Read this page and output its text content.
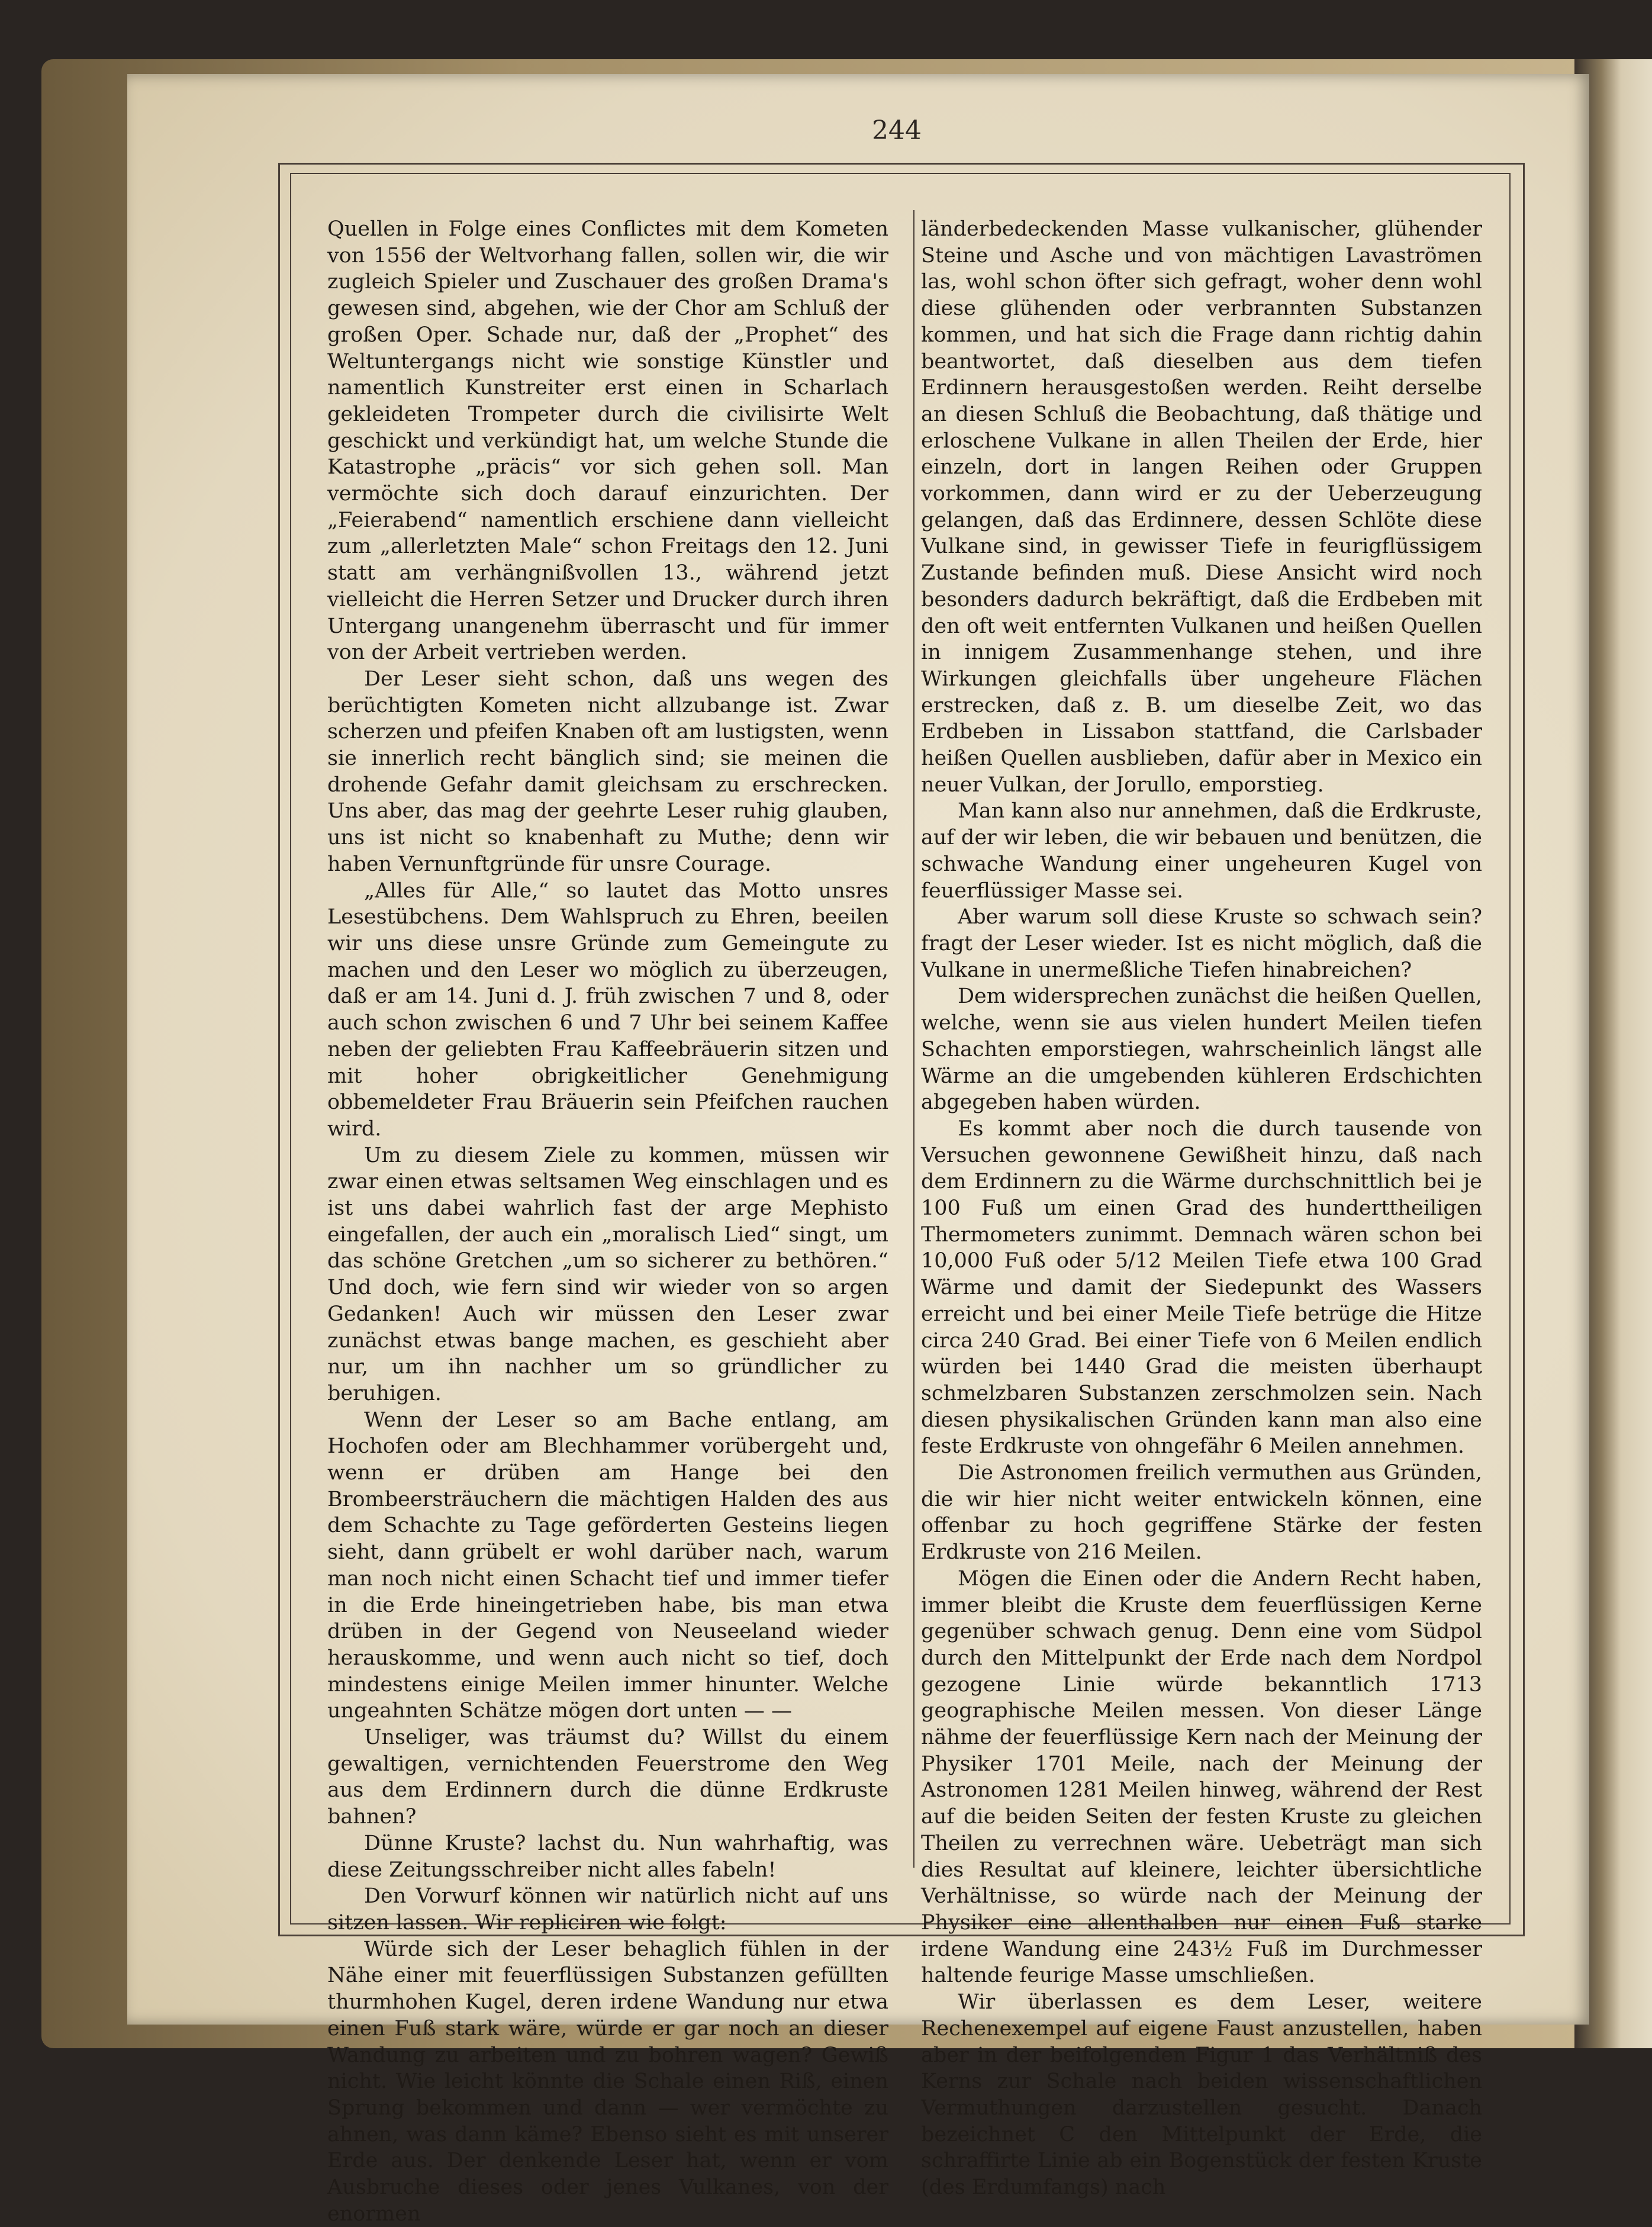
244

Quellen in Folge eines Conflictes mit dem Kometen von 1556 der Weltvorhang fallen, sollen wir, die wir zugleich Spieler und Zuschauer des großen Drama's gewesen sind, abgehen, wie der Chor am Schluß der großen Oper. Schade nur, daß der „Prophet“ des Weltuntergangs nicht wie sonstige Künstler und namentlich Kunstreiter erst einen in Scharlach gekleideten Trompeter durch die civilisirte Welt geschickt und verkündigt hat, um welche Stunde die Katastrophe „präcis“ vor sich gehen soll. Man vermöchte sich doch darauf einzurichten. Der „Feierabend“ namentlich erschiene dann vielleicht zum „allerletzten Male“ schon Freitags den 12. Juni statt am verhängnißvollen 13., während jetzt vielleicht die Herren Setzer und Drucker durch ihren Untergang unangenehm überrascht und für immer von der Arbeit vertrieben werden.

Der Leser sieht schon, daß uns wegen des berüchtigten Kometen nicht allzubange ist. Zwar scherzen und pfeifen Knaben oft am lustigsten, wenn sie innerlich recht bänglich sind; sie meinen die drohende Gefahr damit gleichsam zu erschrecken. Uns aber, das mag der geehrte Leser ruhig glauben, uns ist nicht so knabenhaft zu Muthe; denn wir haben Vernunftgründe für unsre Courage.

„Alles für Alle,“ so lautet das Motto unsres Lesestübchens. Dem Wahlspruch zu Ehren, beeilen wir uns diese unsre Gründe zum Gemeingute zu machen und den Leser wo möglich zu überzeugen, daß er am 14. Juni d. J. früh zwischen 7 und 8, oder auch schon zwischen 6 und 7 Uhr bei seinem Kaffee neben der geliebten Frau Kaffeebräuerin sitzen und mit hoher obrigkeitlicher Genehmigung obbemeldeter Frau Bräuerin sein Pfeifchen rauchen wird.

Um zu diesem Ziele zu kommen, müssen wir zwar einen etwas seltsamen Weg einschlagen und es ist uns dabei wahrlich fast der arge Mephisto eingefallen, der auch ein „moralisch Lied“ singt, um das schöne Gretchen „um so sicherer zu bethören.“ Und doch, wie fern sind wir wieder von so argen Gedanken! Auch wir müssen den Leser zwar zunächst etwas bange machen, es geschieht aber nur, um ihn nachher um so gründlicher zu beruhigen.

Wenn der Leser so am Bache entlang, am Hochofen oder am Blechhammer vorübergeht und, wenn er drüben am Hange bei den Brombeersträuchern die mächtigen Halden des aus dem Schachte zu Tage geförderten Gesteins liegen sieht, dann grübelt er wohl darüber nach, warum man noch nicht einen Schacht tief und immer tiefer in die Erde hineingetrieben habe, bis man etwa drüben in der Gegend von Neuseeland wieder herauskomme, und wenn auch nicht so tief, doch mindestens einige Meilen immer hinunter. Welche ungeahnten Schätze mögen dort unten — —

Unseliger, was träumst du? Willst du einem gewaltigen, vernichtenden Feuerstrome den Weg aus dem Erdinnern durch die dünne Erdkruste bahnen?

Dünne Kruste? lachst du. Nun wahrhaftig, was diese Zeitungsschreiber nicht alles fabeln!

Den Vorwurf können wir natürlich nicht auf uns sitzen lassen. Wir repliciren wie folgt:

Würde sich der Leser behaglich fühlen in der Nähe einer mit feuerflüssigen Substanzen gefüllten thurmhohen Kugel, deren irdene Wandung nur etwa einen Fuß stark wäre, würde er gar noch an dieser Wandung zu arbeiten und zu bohren wagen? Gewiß nicht. Wie leicht könnte die Schale einen Riß, einen Sprung bekommen und dann — wer vermöchte zu ahnen, was dann käme? Ebenso sieht es mit unserer Erde aus. Der denkende Leser hat, wenn er vom Ausbruche dieses oder jenes Vulkanes, von der enormen

länderbedeckenden Masse vulkanischer, glühender Steine und Asche und von mächtigen Lavaströmen las, wohl schon öfter sich gefragt, woher denn wohl diese glühenden oder verbrannten Substanzen kommen, und hat sich die Frage dann richtig dahin beantwortet, daß dieselben aus dem tiefen Erdinnern herausgestoßen werden. Reiht derselbe an diesen Schluß die Beobachtung, daß thätige und erloschene Vulkane in allen Theilen der Erde, hier einzeln, dort in langen Reihen oder Gruppen vorkommen, dann wird er zu der Ueberzeugung gelangen, daß das Erdinnere, dessen Schlöte diese Vulkane sind, in gewisser Tiefe in feurigflüssigem Zustande befinden muß. Diese Ansicht wird noch besonders dadurch bekräftigt, daß die Erdbeben mit den oft weit entfernten Vulkanen und heißen Quellen in innigem Zusammenhange stehen, und ihre Wirkungen gleichfalls über ungeheure Flächen erstrecken, daß z. B. um dieselbe Zeit, wo das Erdbeben in Lissabon stattfand, die Carlsbader heißen Quellen ausblieben, dafür aber in Mexico ein neuer Vulkan, der Jorullo, emporstieg.

Man kann also nur annehmen, daß die Erdkruste, auf der wir leben, die wir bebauen und benützen, die schwache Wandung einer ungeheuren Kugel von feuerflüssiger Masse sei.

Aber warum soll diese Kruste so schwach sein? fragt der Leser wieder. Ist es nicht möglich, daß die Vulkane in unermeßliche Tiefen hinabreichen?

Dem widersprechen zunächst die heißen Quellen, welche, wenn sie aus vielen hundert Meilen tiefen Schachten emporstiegen, wahrscheinlich längst alle Wärme an die umgebenden kühleren Erdschichten abgegeben haben würden.

Es kommt aber noch die durch tausende von Versuchen gewonnene Gewißheit hinzu, daß nach dem Erdinnern zu die Wärme durchschnittlich bei je 100 Fuß um einen Grad des hunderttheiligen Thermometers zunimmt. Demnach wären schon bei 10,000 Fuß oder 5/12 Meilen Tiefe etwa 100 Grad Wärme und damit der Siedepunkt des Wassers erreicht und bei einer Meile Tiefe betrüge die Hitze circa 240 Grad. Bei einer Tiefe von 6 Meilen endlich würden bei 1440 Grad die meisten überhaupt schmelzbaren Substanzen zerschmolzen sein. Nach diesen physikalischen Gründen kann man also eine feste Erdkruste von ohngefähr 6 Meilen annehmen.

Die Astronomen freilich vermuthen aus Gründen, die wir hier nicht weiter entwickeln können, eine offenbar zu hoch gegriffene Stärke der festen Erdkruste von 216 Meilen.

Mögen die Einen oder die Andern Recht haben, immer bleibt die Kruste dem feuerflüssigen Kerne gegenüber schwach genug. Denn eine vom Südpol durch den Mittelpunkt der Erde nach dem Nordpol gezogene Linie würde bekanntlich 1713 geographische Meilen messen. Von dieser Länge nähme der feuerflüssige Kern nach der Meinung der Physiker 1701 Meile, nach der Meinung der Astronomen 1281 Meilen hinweg, während der Rest auf die beiden Seiten der festen Kruste zu gleichen Theilen zu verrechnen wäre. Uebeträgt man sich dies Resultat auf kleinere, leichter übersichtliche Verhältnisse, so würde nach der Meinung der Physiker eine allenthalben nur einen Fuß starke irdene Wandung eine 243½ Fuß im Durchmesser haltende feurige Masse umschließen.

Wir überlassen es dem Leser, weitere Rechenexempel auf eigene Faust anzustellen, haben aber in der beifolgenden Figur 1 das Verhältniß des Kerns zur Schale nach beiden wissenschaftlichen Vermuthungen darzustellen gesucht. Danach bezeichnet C den Mittelpunkt der Erde, die schraffirte Linie ab ein Bogenstück der festen Kruste (des Erdumfangs) nach
